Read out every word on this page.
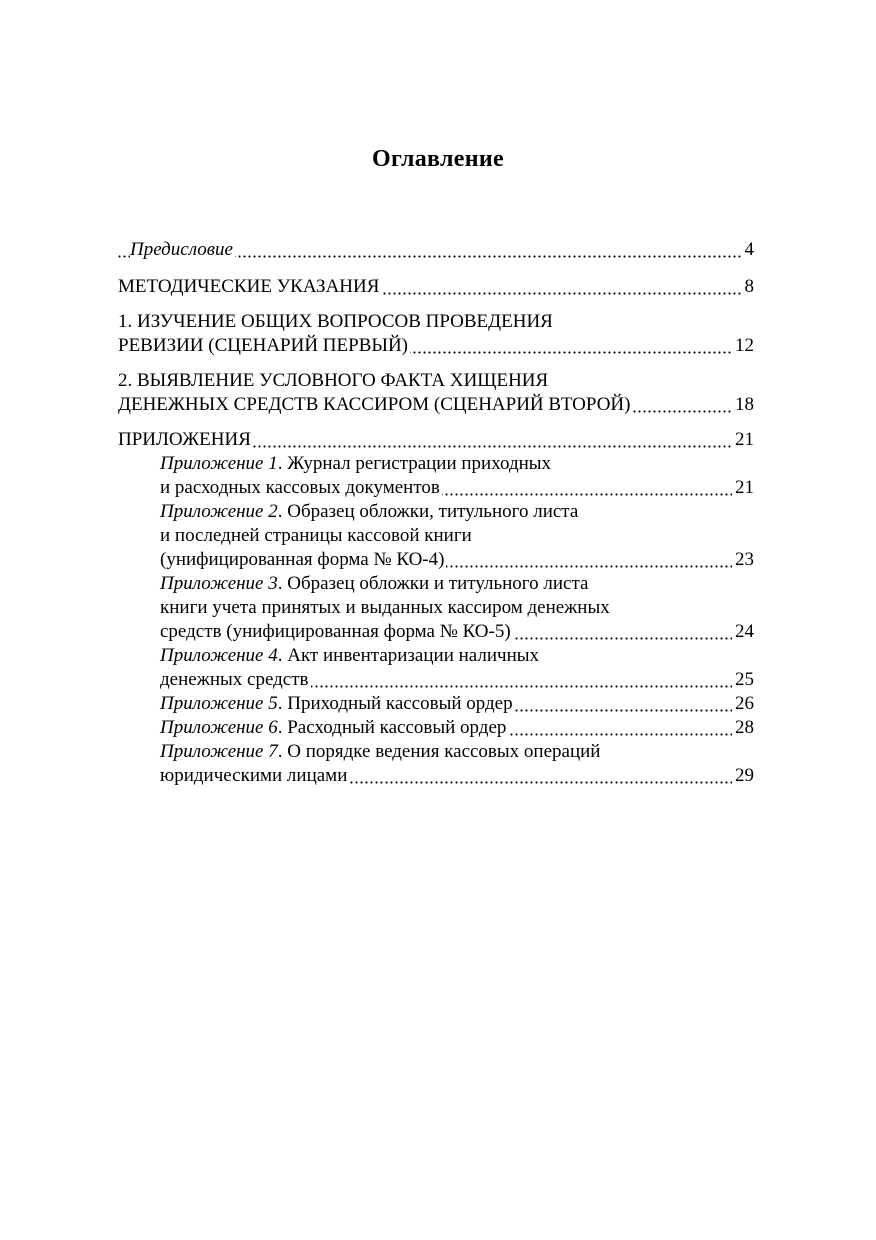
Оглавление
Предисловие	4
МЕТОДИЧЕСКИЕ УКАЗАНИЯ	8
1. ИЗУЧЕНИЕ ОБЩИХ ВОПРОСОВ ПРОВЕДЕНИЯ
РЕВИЗИИ (СЦЕНАРИЙ ПЕРВЫЙ)	12
2. ВЫЯВЛЕНИЕ УСЛОВНОГО ФАКТА ХИЩЕНИЯ
ДЕНЕЖНЫХ СРЕДСТВ КАССИРОМ (СЦЕНАРИЙ ВТОРОЙ)	18
ПРИЛОЖЕНИЯ	21
Приложение 1. Журнал регистрации приходных
и расходных кассовых документов	21
Приложение 2. Образец обложки, титульного листа
и последней страницы кассовой книги
(унифицированная форма № КО-4)	23
Приложение 3. Образец обложки и титульного листа
книги учета принятых и выданных кассиром денежных
средств (унифицированная форма № КО-5)	24
Приложение 4. Акт инвентаризации наличных
денежных средств	25
Приложение 5. Приходный кассовый ордер	26
Приложение 6. Расходный кассовый ордер	28
Приложение 7. О порядке ведения кассовых операций
юридическими лицами	29
